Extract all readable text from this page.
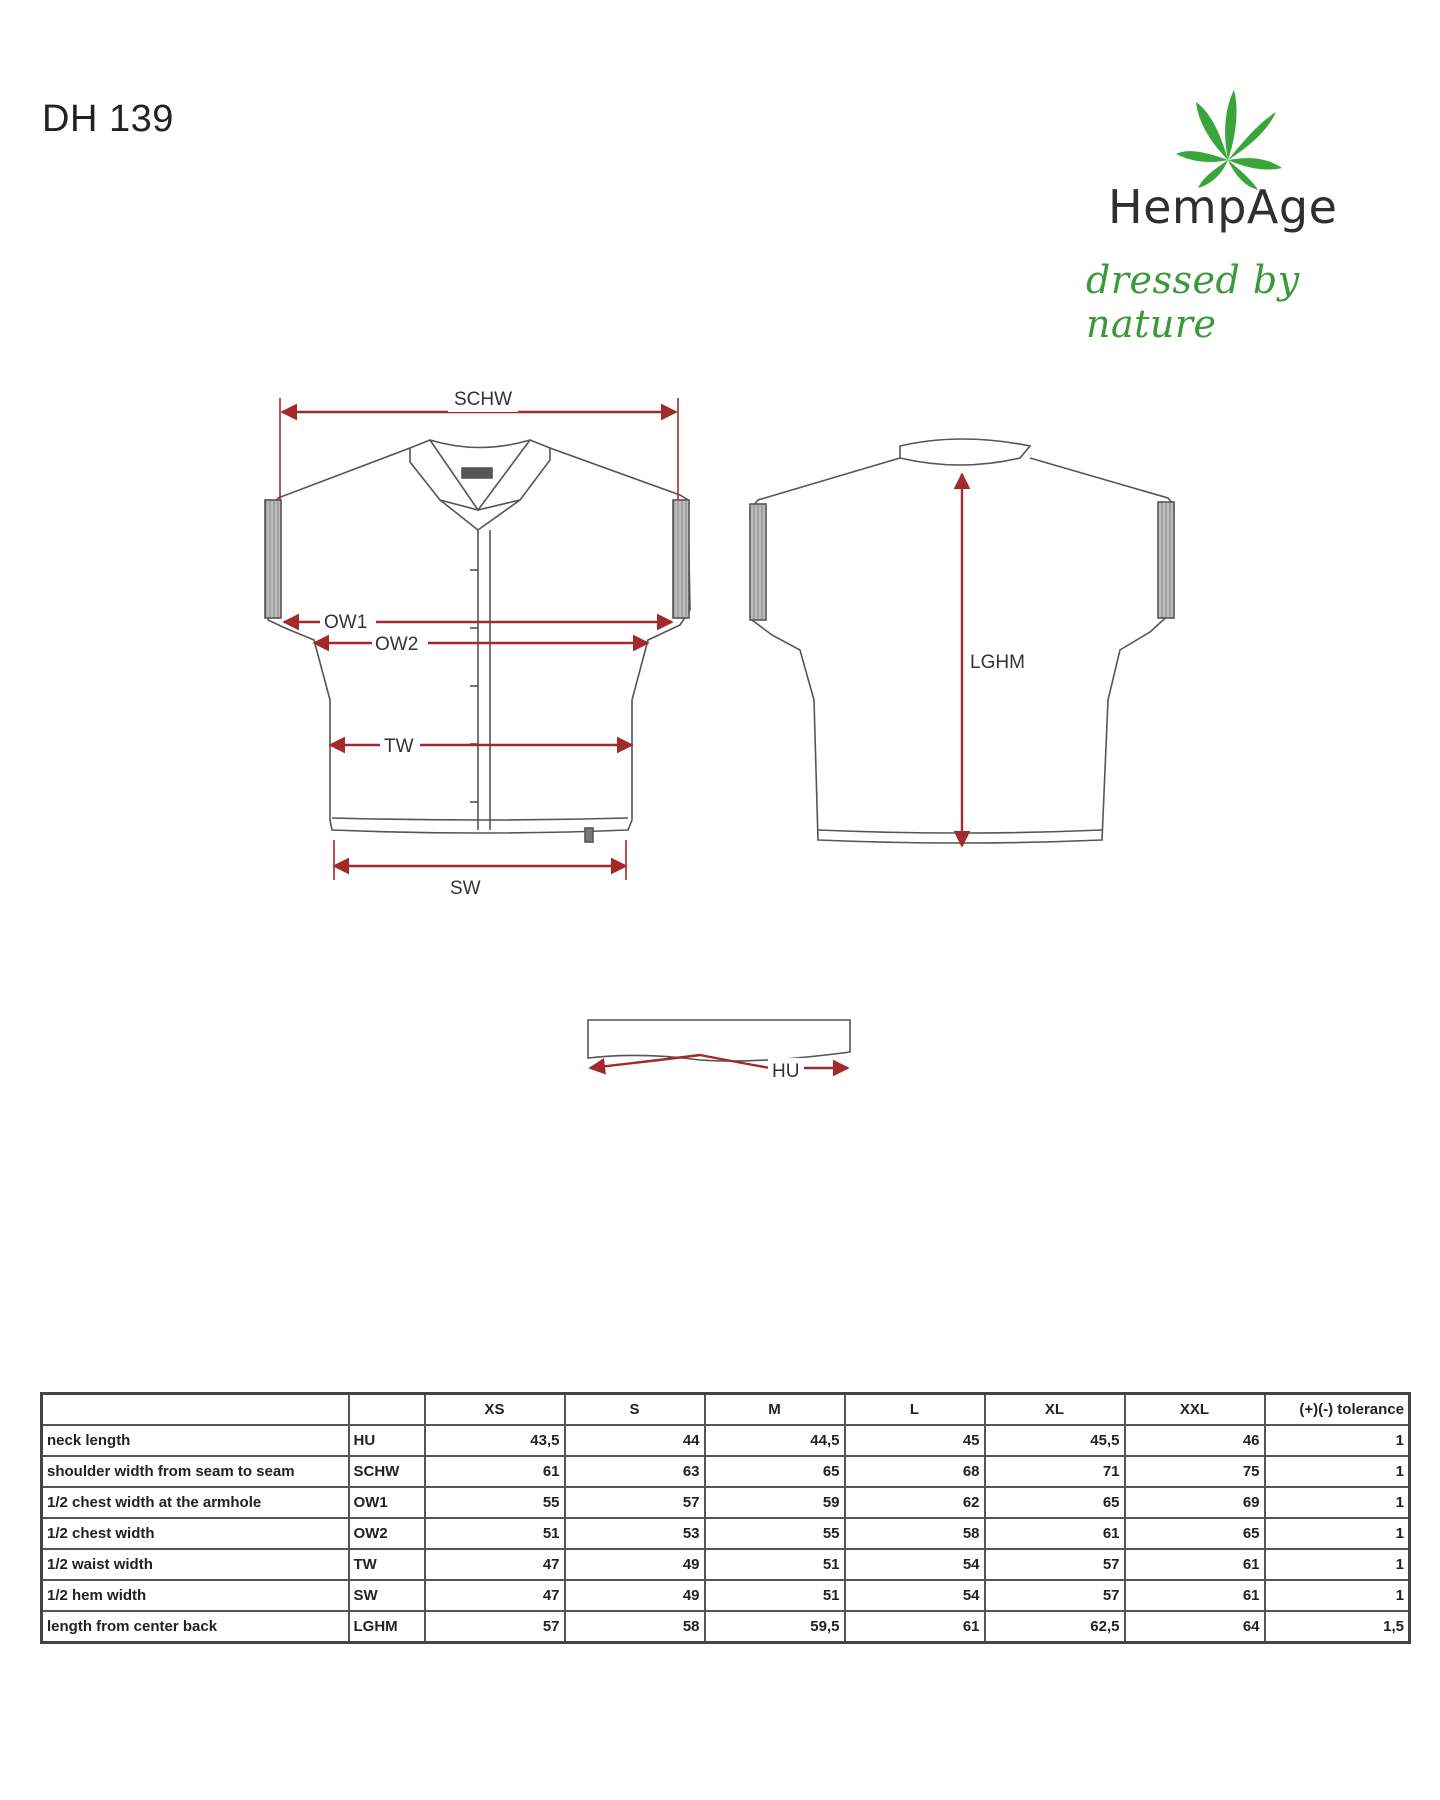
DH 139
HempAge
dressed by nature
SCHW
OW1
OW2
TW
SW
LGHM
HU
		XS	S	M	L	XL	XXL	(+)(-) tolerance
neck length	HU	43,5	44	44,5	45	45,5	46	1
shoulder width from seam to seam	SCHW	61	63	65	68	71	75	1
1/2 chest width at the armhole	OW1	55	57	59	62	65	69	1
1/2 chest width	OW2	51	53	55	58	61	65	1
1/2 waist width	TW	47	49	51	54	57	61	1
1/2 hem width	SW	47	49	51	54	57	61	1
length from center back	LGHM	57	58	59,5	61	62,5	64	1,5
